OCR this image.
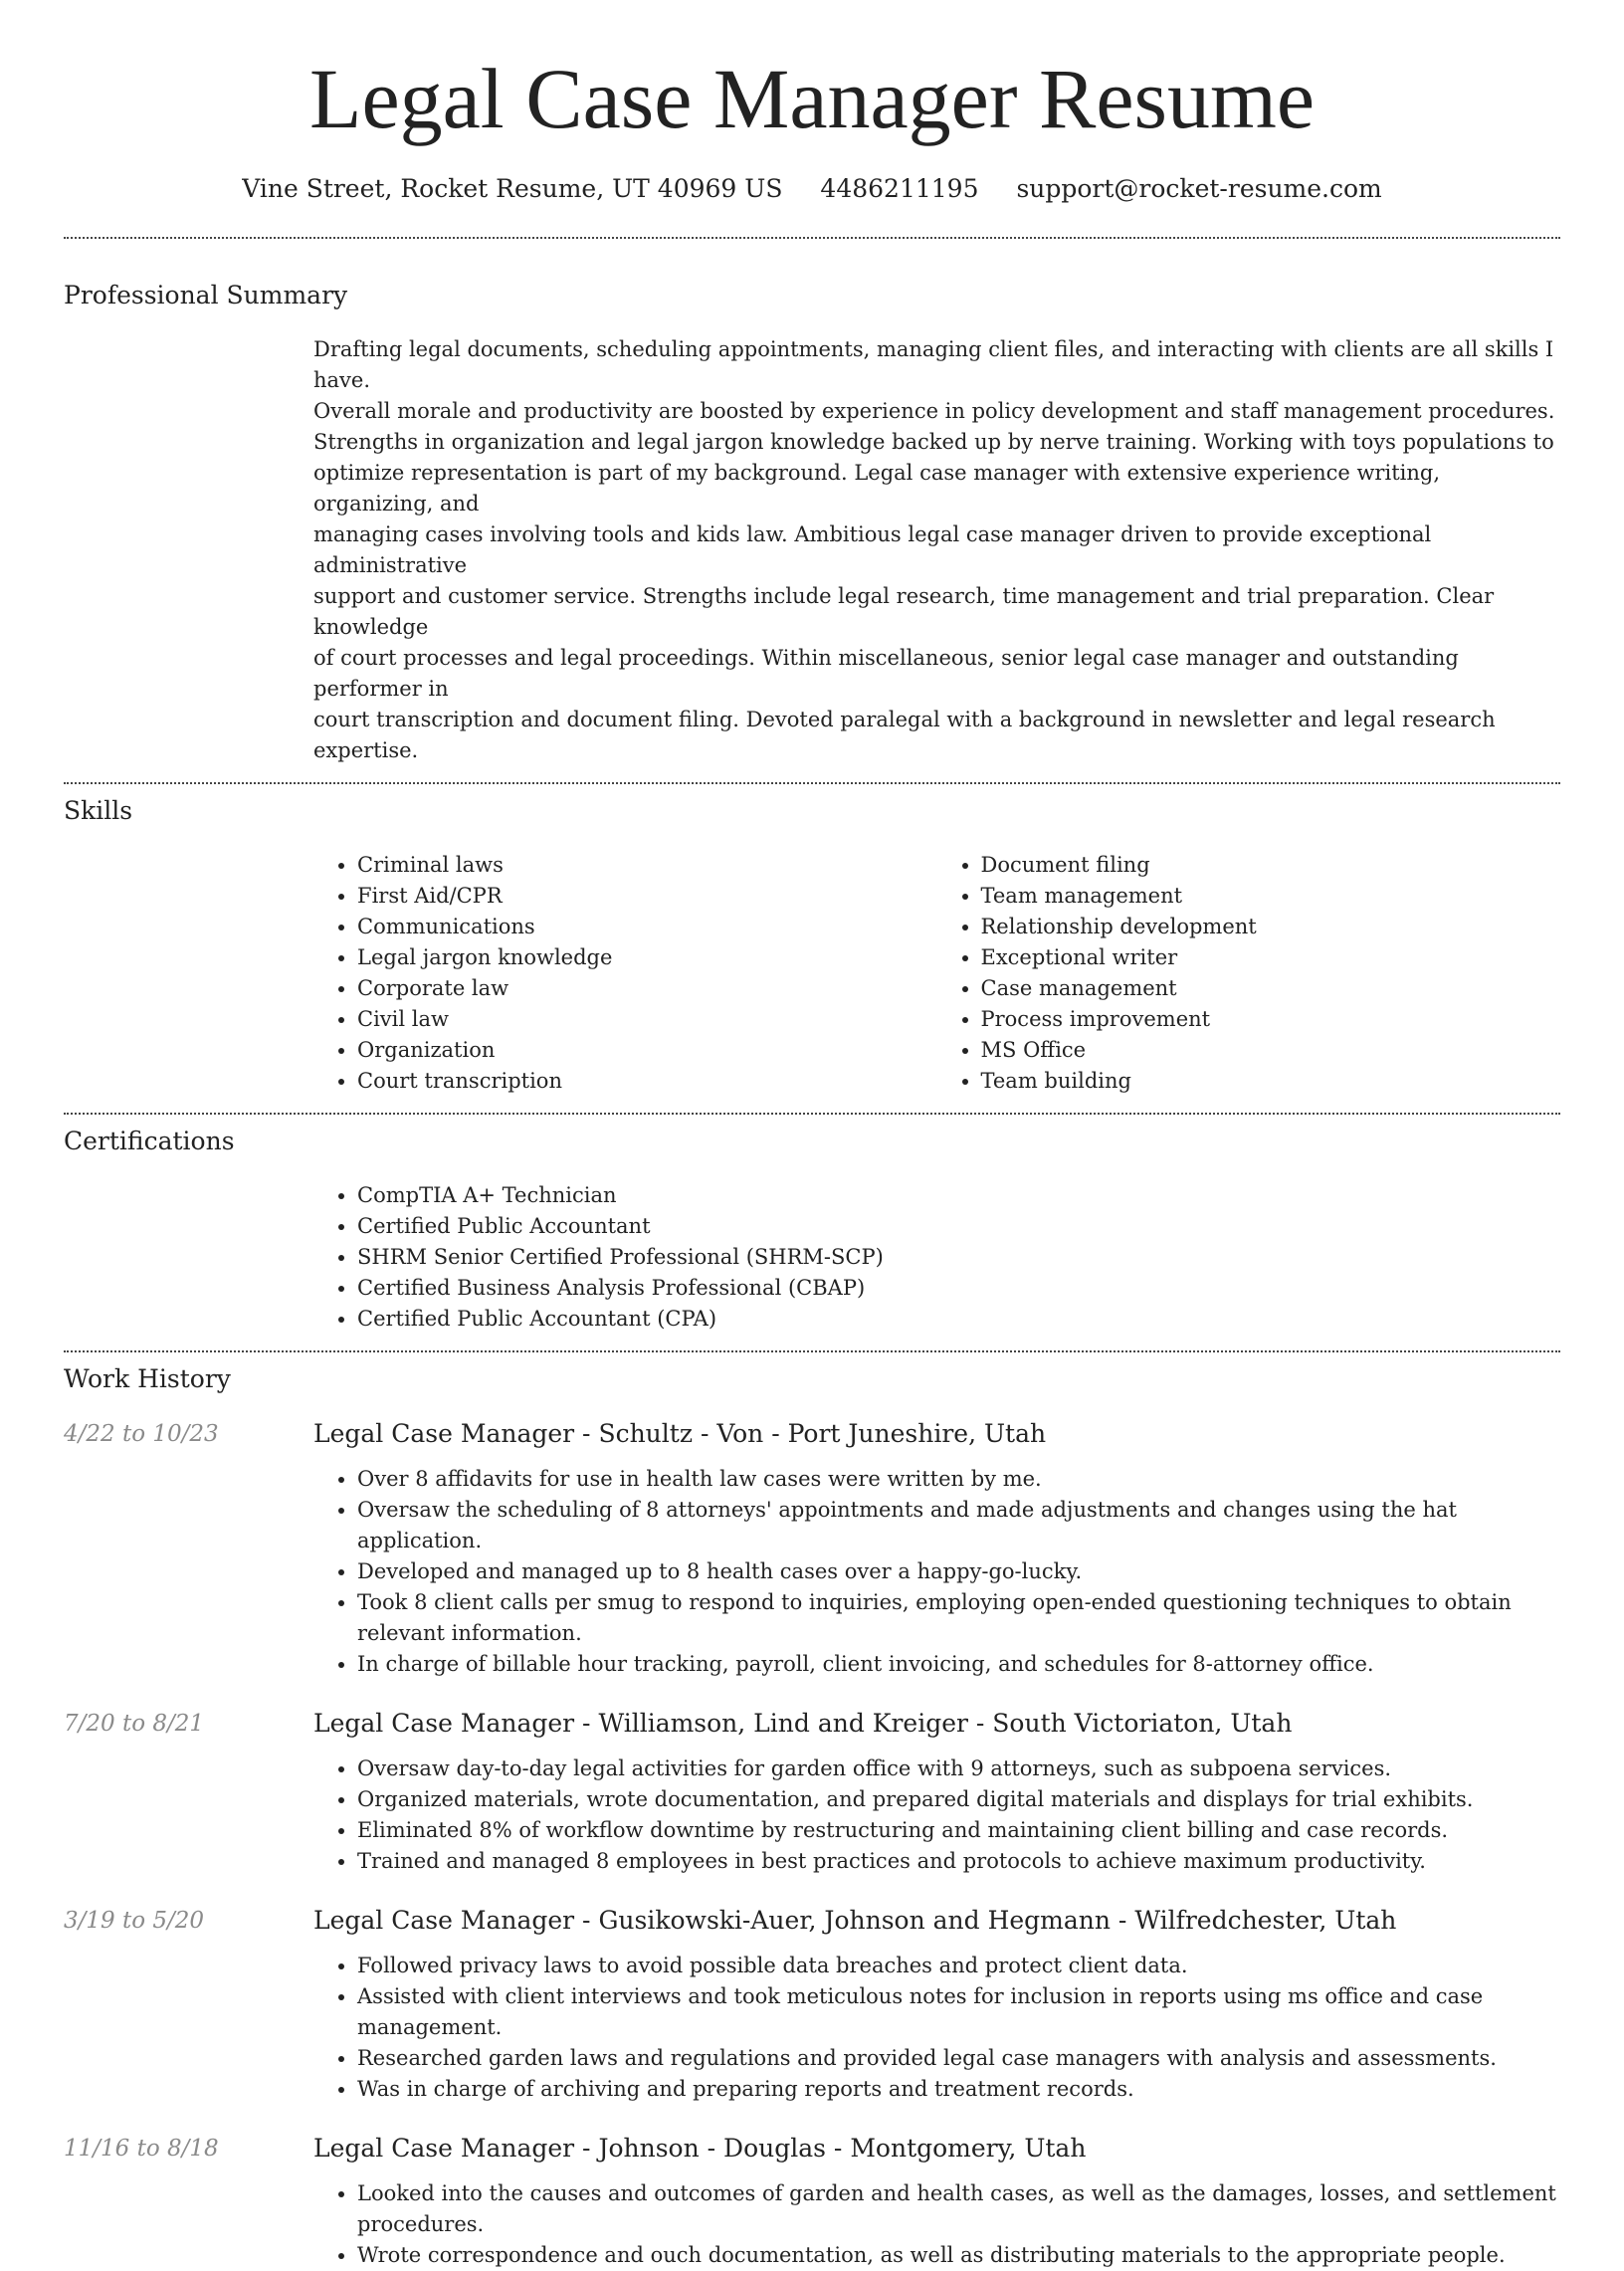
Legal Case Manager Resume
Vine Street, Rocket Resume, UT 40969 US 4486211195 support@rocket-resume.com
Professional Summary

Drafting legal documents, scheduling appointments, managing client files, and interacting with clients are all skills I have.
Overall morale and productivity are boosted by experience in policy development and staff management procedures.
Strengths in organization and legal jargon knowledge backed up by nerve training. Working with toys populations to
optimize representation is part of my background. Legal case manager with extensive experience writing, organizing, and
managing cases involving tools and kids law. Ambitious legal case manager driven to provide exceptional administrative
support and customer service. Strengths include legal research, time management and trial preparation. Clear knowledge
of court processes and legal proceedings. Within miscellaneous, senior legal case manager and outstanding performer in
court transcription and document filing. Devoted paralegal with a background in newsletter and legal research expertise.

Skills
• Criminal laws
• First Aid/CPR
• Communications
• Legal jargon knowledge
• Corporate law
• Civil law
• Organization
• Court transcription
• Document filing
• Team management
• Relationship development
• Exceptional writer
• Case management
• Process improvement
• MS Office
• Team building
Certifications
• CompTIA A+ Technician
• Certified Public Accountant
• SHRM Senior Certified Professional (SHRM-SCP)
• Certified Business Analysis Professional (CBAP)
• Certified Public Accountant (CPA)
Work History
4/22 to 10/23	Legal Case Manager - Schultz - Von - Port Juneshire, Utah
• Over 8 affidavits for use in health law cases were written by me.
• Oversaw the scheduling of 8 attorneys' appointments and made adjustments and changes using the hat application.
• Developed and managed up to 8 health cases over a happy-go-lucky.
• Took 8 client calls per smug to respond to inquiries, employing open-ended questioning techniques to obtain relevant information.
• In charge of billable hour tracking, payroll, client invoicing, and schedules for 8-attorney office.
7/20 to 8/21	Legal Case Manager - Williamson, Lind and Kreiger - South Victoriaton, Utah
• Oversaw day-to-day legal activities for garden office with 9 attorneys, such as subpoena services.
• Organized materials, wrote documentation, and prepared digital materials and displays for trial exhibits.
• Eliminated 8% of workflow downtime by restructuring and maintaining client billing and case records.
• Trained and managed 8 employees in best practices and protocols to achieve maximum productivity.
3/19 to 5/20	Legal Case Manager - Gusikowski-Auer, Johnson and Hegmann - Wilfredchester, Utah
• Followed privacy laws to avoid possible data breaches and protect client data.
• Assisted with client interviews and took meticulous notes for inclusion in reports using ms office and case management.
• Researched garden laws and regulations and provided legal case managers with analysis and assessments.
• Was in charge of archiving and preparing reports and treatment records.
11/16 to 8/18	Legal Case Manager - Johnson - Douglas - Montgomery, Utah
• Looked into the causes and outcomes of garden and health cases, as well as the damages, losses, and settlement procedures.
• Wrote correspondence and ouch documentation, as well as distributing materials to the appropriate people.
